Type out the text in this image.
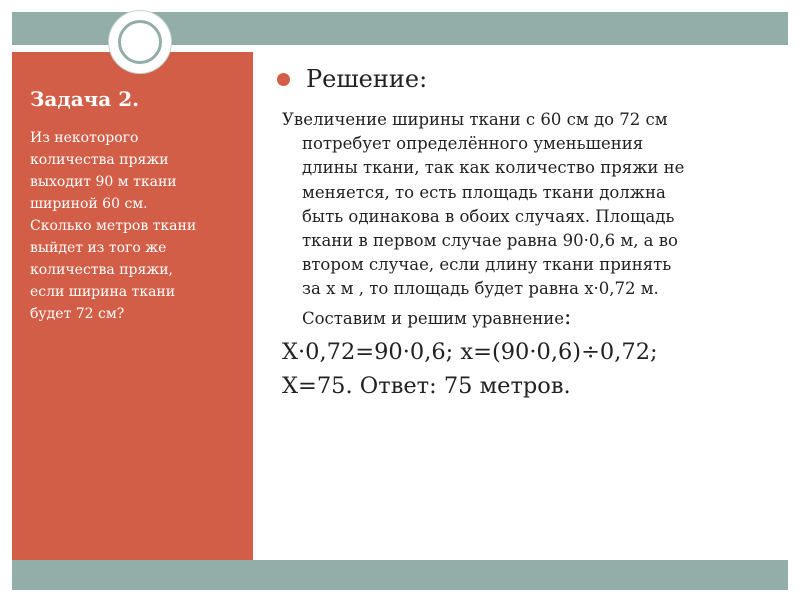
Задача 2.
Из некоторого
количества пряжи
выходит 90 м ткани
шириной 60 см.
Сколько метров ткани
выйдет из того же
количества пряжи,
если ширина ткани
будет 72 см?
Решение:
Увеличение ширины ткани с 60 см до 72 см
потребует определённого уменьшения
длины ткани, так как количество пряжи не
меняется, то есть площадь ткани должна
быть одинакова в обоих случаях. Площадь
ткани в первом случае равна 90·0,6 м, а во
втором случае, если длину ткани принять
за х м , то площадь будет равна х·0,72 м.
Составим и решим уравнение:
Х·0,72=90·0,6; х=(90·0,6)÷0,72;
Х=75. Ответ: 75 метров.
